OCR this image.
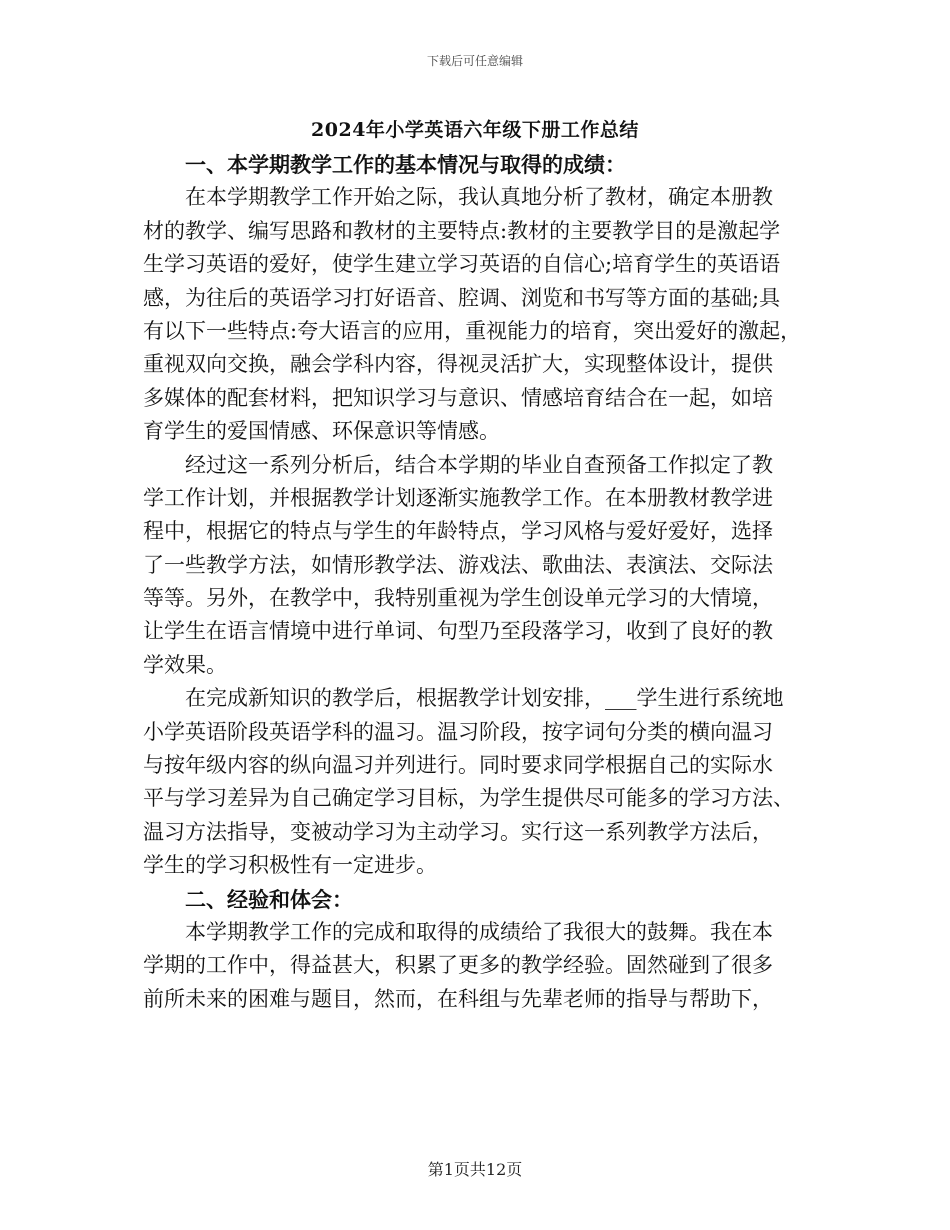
下载后可任意编辑
2024年小学英语六年级下册工作总结
一、本学期教学工作的基本情况与取得的成绩：
在本学期教学工作开始之际，我认真地分析了教材，确定本册教
材的教学、编写思路和教材的主要特点:教材的主要教学目的是激起学
生学习英语的爱好，使学生建立学习英语的自信心;培育学生的英语语
感，为往后的英语学习打好语音、腔调、浏览和书写等方面的基础;具
有以下一些特点:夸大语言的应用，重视能力的培育，突出爱好的激起，
重视双向交换，融会学科内容，得视灵活扩大，实现整体设计，提供
多媒体的配套材料，把知识学习与意识、情感培育结合在一起，如培
育学生的爱国情感、环保意识等情感。
经过这一系列分析后，结合本学期的毕业自查预备工作拟定了教
学工作计划，并根据教学计划逐渐实施教学工作。在本册教材教学进
程中，根据它的特点与学生的年龄特点，学习风格与爱好爱好，选择
了一些教学方法，如情形教学法、游戏法、歌曲法、表演法、交际法
等等。另外，在教学中，我特别重视为学生创设单元学习的大情境，
让学生在语言情境中进行单词、句型乃至段落学习，收到了良好的教
学效果。
在完成新知识的教学后，根据教学计划安排，___学生进行系统地
小学英语阶段英语学科的温习。温习阶段，按字词句分类的横向温习
与按年级内容的纵向温习并列进行。同时要求同学根据自己的实际水
平与学习差异为自己确定学习目标，为学生提供尽可能多的学习方法、
温习方法指导，变被动学习为主动学习。实行这一系列教学方法后，
学生的学习积极性有一定进步。
二、经验和体会：
本学期教学工作的完成和取得的成绩给了我很大的鼓舞。我在本
学期的工作中，得益甚大，积累了更多的教学经验。固然碰到了很多
前所未来的困难与题目，然而，在科组与先辈老师的指导与帮助下，
第1页共12页
